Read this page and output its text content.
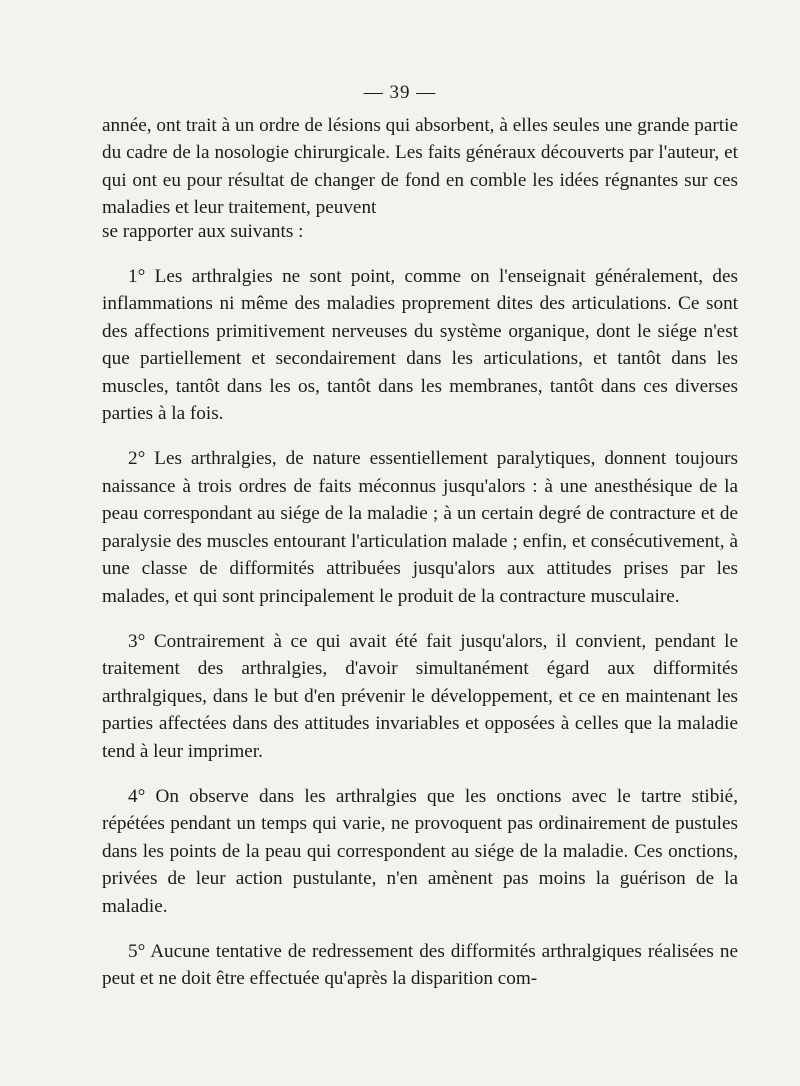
— 39 —

année, ont trait à un ordre de lésions qui absorbent, à elles seules une grande partie du cadre de la nosologie chirurgicale. Les faits généraux découverts par l'auteur, et qui ont eu pour résultat de changer de fond en comble les idées régnantes sur ces maladies et leur traitement, peuvent

se rapporter aux suivants :

1° Les arthralgies ne sont point, comme on l'enseignait généralement, des inflammations ni même des maladies proprement dites des articulations. Ce sont des affections primitivement nerveuses du système organique, dont le siége n'est que partiellement et secondairement dans les articulations, et tantôt dans les muscles, tantôt dans les os, tantôt dans les membranes, tantôt dans ces diverses parties à la fois.

2° Les arthralgies, de nature essentiellement paralytiques, donnent toujours naissance à trois ordres de faits méconnus jusqu'alors : à une anesthésique de la peau correspondant au siége de la maladie ; à un certain degré de contracture et de paralysie des muscles entourant l'articulation malade ; enfin, et consécutivement, à une classe de difformités attribuées jusqu'alors aux attitudes prises par les malades, et qui sont principalement le produit de la contracture musculaire.

3° Contrairement à ce qui avait été fait jusqu'alors, il convient, pendant le traitement des arthralgies, d'avoir simultanément égard aux difformités arthralgiques, dans le but d'en prévenir le développement, et ce en maintenant les parties affectées dans des attitudes invariables et opposées à celles que la maladie tend à leur imprimer.

4° On observe dans les arthralgies que les onctions avec le tartre stibié, répétées pendant un temps qui varie, ne provoquent pas ordinairement de pustules dans les points de la peau qui correspondent au siége de la maladie. Ces onctions, privées de leur action pustulante, n'en amènent pas moins la guérison de la maladie.

5° Aucune tentative de redressement des difformités arthralgiques réalisées ne peut et ne doit être effectuée qu'après la disparition com-
